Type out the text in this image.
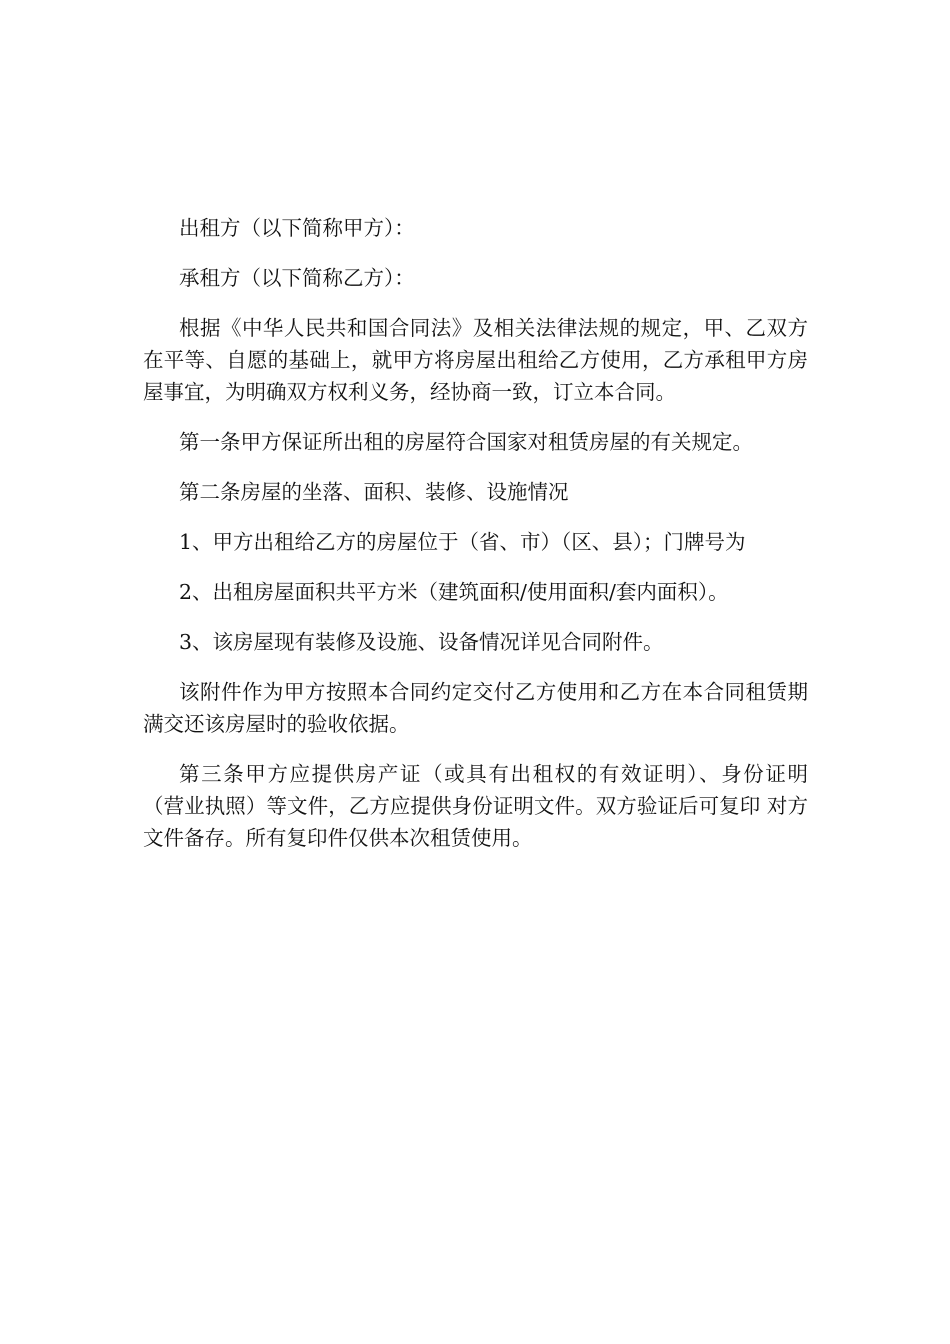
出租方（以下简称甲方）：

承租方（以下简称乙方）：

根据《中华人民共和国合同法》及相关法律法规的规定，甲、乙双方在平等、自愿的基础上，就甲方将房屋出租给乙方使用，乙方承租甲方房屋事宜，为明确双方权利义务，经协商一致，订立本合同。

第一条甲方保证所出租的房屋符合国家对租赁房屋的有关规定。

第二条房屋的坐落、面积、装修、设施情况

1、甲方出租给乙方的房屋位于（省、市）（区、县）；门牌号为

2、出租房屋面积共平方米（建筑面积/使用面积/套内面积）。

3、该房屋现有装修及设施、设备情况详见合同附件。

该附件作为甲方按照本合同约定交付乙方使用和乙方在本合同租赁期满交还该房屋时的验收依据。

第三条甲方应提供房产证（或具有出租权的有效证明）、身份证明 （营业执照）等文件，乙方应提供身份证明文件。双方验证后可复印 对方文件备存。所有复印件仅供本次租赁使用。
